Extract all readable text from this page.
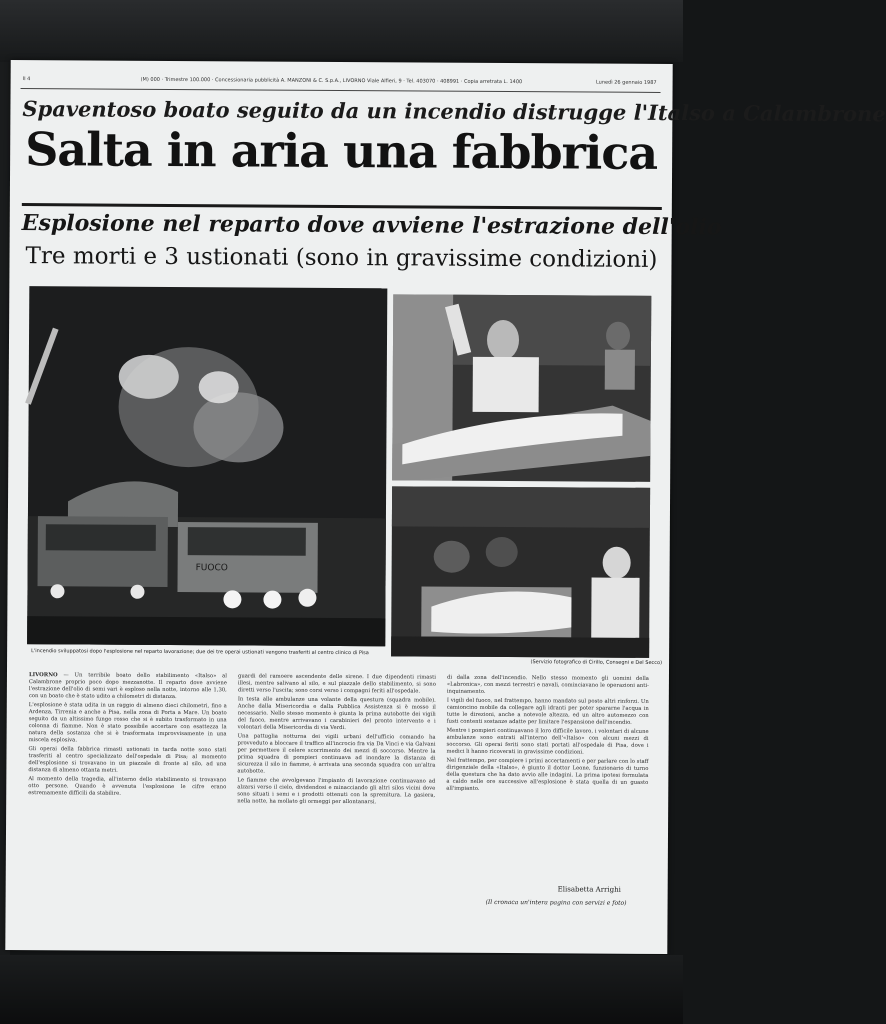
II 4	(M) 000 · Trimestre 100.000 · Concessionaria pubblicità A. MANZONI & C. S.p.A., LIVORNO Viale Alfieri, 9 · Tel. 403070 · 408991 · Copia arretrata L. 1400	Lunedì 26 gennaio 1987
Spaventoso boato seguito da un incendio distrugge l'Italso a Calambrone
Salta in aria una fabbrica
Esplosione nel reparto dove avviene l'estrazione dell'olio
Tre morti e 3 ustionati (sono in gravissime condizioni)
FUOCO
L'incendio sviluppatosi dopo l'esplosione nel reparto lavorazione; due dei tre operai ustionati vengono trasferiti al centro clinico di Pisa
(Servizio fotografico di Cirillo, Consegni e Del Secco)

LIVORNO — Un terribile boato dello stabilimento «Italso» al Calambrone proprio poco dopo mezzanotte. Il reparto dove avviene l'estrazione dell'olio di semi vari è esploso nella notte, intorno alle 1,30, con un boato che è stato udito a chilometri di distanza.

L'esplosione è stata udita in un raggio di almeno dieci chilometri, fino a Ardenza, Tirrenia e anche a Pisa, nella zona di Porta a Mare. Un boato seguito da un altissimo fungo rosso che si è subito trasformato in una colonna di fiamme. Non è stato possibile accertare con esattezza la natura della sostanza che si è trasformata improvvisamente in una miscela esplosiva.

Gli operai della fabbrica rimasti ustionati in tarda notte sono stati trasferiti al centro specializzato dell'ospedale di Pisa; al momento dell'esplosione si trovavano in un piazzale di fronte al silo, ad una distanza di almeno ottanta metri.

Al momento della tragedia, all'interno dello stabilimento si trovavano otto persone. Quando è avvenuta l'esplosione le cifre erano estremamente difficili da stabilire.

guardi del ramoere ascendente delle sirene. I due dipendenti rimasti illesi, mentre salivano al silo, e sul piazzale dello stabilimento, si sono diretti verso l'uscita; sono corsi verso i compagni feriti all'ospedale.

In testa alle ambulanze una volante della questura (squadra mobile). Anche dalla Misericordia e dalla Pubblica Assistenza si è mosso il necessario. Nello stesso momento è giunta la prima autobotte dei vigili del fuoco, mentre arrivavano i carabinieri del pronto intervento e i volontari della Misericordia di via Verdi.

Una pattuglia notturna dei vigili urbani dell'ufficio comando ha provveduto a bloccare il traffico all'incrocio fra via Da Vinci e via Galvani per permettere il celere scorrimento dei mezzi di soccorso. Mentre la prima squadra di pompieri continuava ad inondare la distanza di sicurezza il silo in fiamme, è arrivata una seconda squadra con un'altra autobotte.

Le fiamme che avvolgevano l'impianto di lavorazione continuavano ad alzarsi verso il cielo, dividendosi e minacciando gli altri silos vicini dove sono situati i semi e i prodotti ottenuti con la spremitura. La gasiera, nella notte, ha mollato gli ormeggi per allontanarsi.

di dalla zona dell'incendio. Nello stesso momento gli uomini della «Labronica», con mezzi terrestri e navali, cominciavano le operazioni anti-inquinamento.

I vigili del fuoco, nel frattempo, hanno mandato sul posto altri rinforzi. Un camioncino mobile da collegare agli idranti per poter spararne l'acqua in tutte le direzioni, anche a notevole altezza, ed un altro automezzo con fusti contenti sostanze adatte per limitare l'espansione dell'incendio.

Mentre i pompieri continuavano il loro difficile lavoro, i volontari di alcune ambulanze sono entrati all'interno dell'«Italso» con alcuni mezzi di soccorso. Gli operai feriti sono stati portati all'ospedale di Pisa, dove i medici li hanno ricoverati in gravissime condizioni.

Nel frattempo, per compiere i primi accertamenti e per parlare con lo staff dirigenziale della «Italso», è giunto il dottor Leone, funzionario di turno della questura che ha dato avvio alle indagini. La prima ipotesi formulata a caldo nelle ore successive all'esplosione è stata quella di un guasto all'impianto.

Elisabetta Arrighi
(Il cronaca un'intera pagina con servizi e foto)
